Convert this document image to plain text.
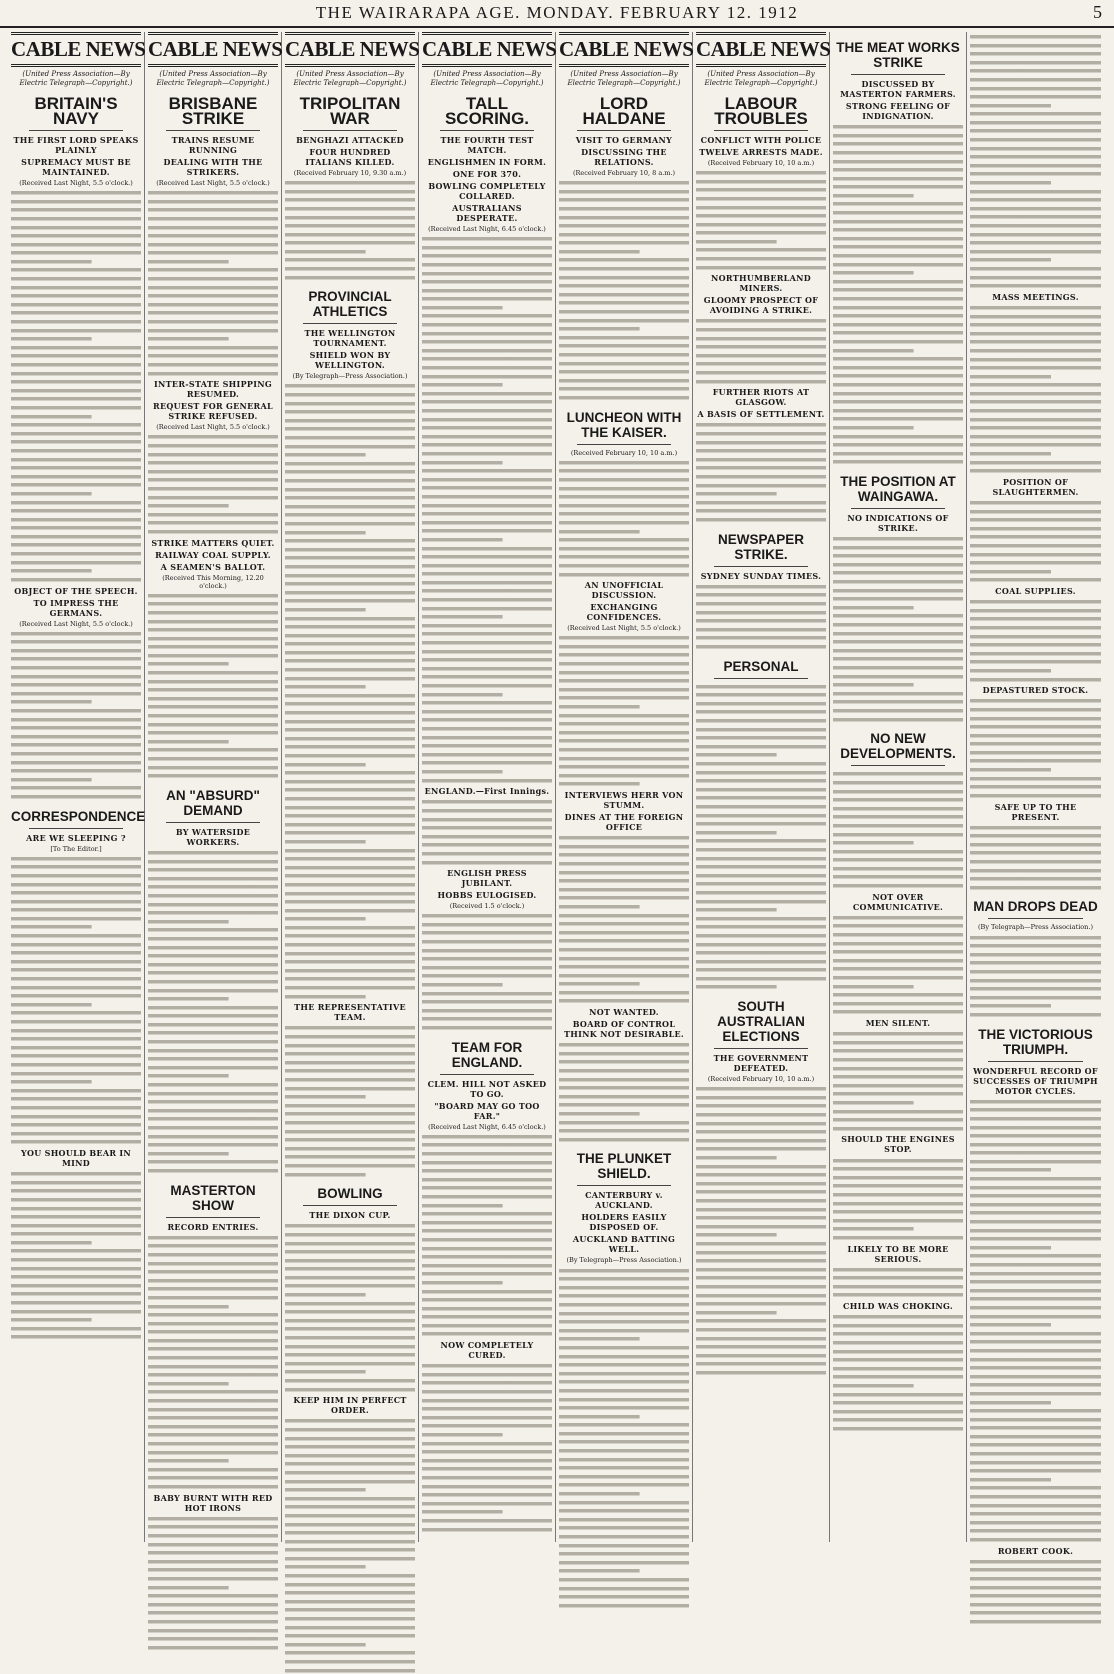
THE WAIRARAPA AGE. MONDAY. FEBRUARY 12. 1912	5
CABLE NEWS
(United Press Association—By Electric Telegraph—Copyright.)
BRITAIN'S NAVY
THE FIRST LORD SPEAKS PLAINLY
SUPREMACY MUST BE MAINTAINED.
(Received Last Night, 5.5 o'clock.)
OBJECT OF THE SPEECH.
TO IMPRESS THE GERMANS.
(Received Last Night, 5.5 o'clock.)
CORRESPONDENCE
ARE WE SLEEPING ?
[To The Editor.]
YOU SHOULD BEAR IN MIND
CABLE NEWS
(United Press Association—By Electric Telegraph—Copyright.)
BRISBANE STRIKE
TRAINS RESUME RUNNING
DEALING WITH THE STRIKERS.
(Received Last Night, 5.5 o'clock.)
INTER-STATE SHIPPING RESUMED.
REQUEST FOR GENERAL STRIKE REFUSED.
(Received Last Night, 5.5 o'clock.)
STRIKE MATTERS QUIET.
RAILWAY COAL SUPPLY.
A SEAMEN'S BALLOT.
(Received This Morning, 12.20 o'clock.)
AN "ABSURD" DEMAND
BY WATERSIDE WORKERS.
MASTERTON SHOW
RECORD ENTRIES.
BABY BURNT WITH RED HOT IRONS
CABLE NEWS
(United Press Association—By Electric Telegraph—Copyright.)
TRIPOLITAN WAR
BENGHAZI ATTACKED
FOUR HUNDRED ITALIANS KILLED.
(Received February 10, 9.30 a.m.)
PROVINCIAL ATHLETICS
THE WELLINGTON TOURNAMENT.
SHIELD WON BY WELLINGTON.
(By Telegraph—Press Association.)
THE REPRESENTATIVE TEAM.
BOWLING
THE DIXON CUP.
KEEP HIM IN PERFECT ORDER.
CABLE NEWS
(United Press Association—By Electric Telegraph—Copyright.)
TALL SCORING.
THE FOURTH TEST MATCH.
ENGLISHMEN IN FORM.
ONE FOR 370.
BOWLING COMPLETELY COLLARED.
AUSTRALIANS DESPERATE.
(Received Last Night, 6.45 o'clock.)
ENGLAND.—First Innings.
ENGLISH PRESS JUBILANT.
HOBBS EULOGISED.
(Received 1.5 o'clock.)
TEAM FOR ENGLAND.
CLEM. HILL NOT ASKED TO GO.
"BOARD MAY GO TOO FAR."
(Received Last Night, 6.45 o'clock.)
NOW COMPLETELY CURED.
CABLE NEWS
(United Press Association—By Electric Telegraph—Copyright.)
LORD HALDANE
VISIT TO GERMANY
DISCUSSING THE RELATIONS.
(Received February 10, 8 a.m.)
LUNCHEON WITH THE KAISER.
(Received February 10, 10 a.m.)
AN UNOFFICIAL DISCUSSION.
EXCHANGING CONFIDENCES.
(Received Last Night, 5.5 o'clock.)
INTERVIEWS HERR VON STUMM.
DINES AT THE FOREIGN OFFICE
NOT WANTED.
BOARD OF CONTROL THINK NOT DESIRABLE.
THE PLUNKET SHIELD.
CANTERBURY v. AUCKLAND.
HOLDERS EASILY DISPOSED OF.
AUCKLAND BATTING WELL.
(By Telegraph—Press Association.)
CABLE NEWS
(United Press Association—By Electric Telegraph—Copyright.)
LABOUR TROUBLES
CONFLICT WITH POLICE
TWELVE ARRESTS MADE.
(Received February 10, 10 a.m.)
NORTHUMBERLAND MINERS.
GLOOMY PROSPECT OF AVOIDING A STRIKE.
FURTHER RIOTS AT GLASGOW.
A BASIS OF SETTLEMENT.
NEWSPAPER STRIKE.
SYDNEY SUNDAY TIMES.
PERSONAL
SOUTH AUSTRALIAN ELECTIONS
THE GOVERNMENT DEFEATED.
(Received February 10, 10 a.m.)
THE MEAT WORKS STRIKE
DISCUSSED BY MASTERTON FARMERS.
STRONG FEELING OF INDIGNATION.
THE POSITION AT WAINGAWA.
NO INDICATIONS OF STRIKE.
NO NEW DEVELOPMENTS.
NOT OVER COMMUNICATIVE.
MEN SILENT.
SHOULD THE ENGINES STOP.
LIKELY TO BE MORE SERIOUS.
CHILD WAS CHOKING.
MASS MEETINGS.
POSITION OF SLAUGHTERMEN.
COAL SUPPLIES.
DEPASTURED STOCK.
SAFE UP TO THE PRESENT.
MAN DROPS DEAD
(By Telegraph—Press Association.)
THE VICTORIOUS TRIUMPH.
WONDERFUL RECORD OF SUCCESSES OF TRIUMPH MOTOR CYCLES.
ROBERT COOK.
